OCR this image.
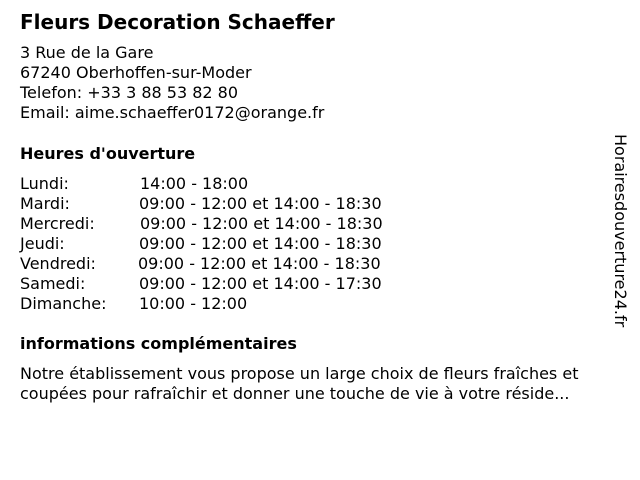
Fleurs Decoration Schaeffer
3 Rue de la Gare
67240 Oberhoffen-sur-Moder
Telefon: +33 3 88 53 82 80
Email: aime.schaeffer0172@orange.fr
Heures d'ouverture
Lundi:	14:00 - 18:00
Mardi:	09:00 - 12:00 et 14:00 - 18:30
Mercredi:	09:00 - 12:00 et 14:00 - 18:30
Jeudi:	09:00 - 12:00 et 14:00 - 18:30
Vendredi:	09:00 - 12:00 et 14:00 - 18:30
Samedi:	09:00 - 12:00 et 14:00 - 17:30
Dimanche: 10:00 - 12:00
informations complémentaires
Notre établissement vous propose un large choix de fleurs fraîches et coupées pour rafraîchir et donner une touche de vie à votre réside...
Horairesdouverture24.fr
